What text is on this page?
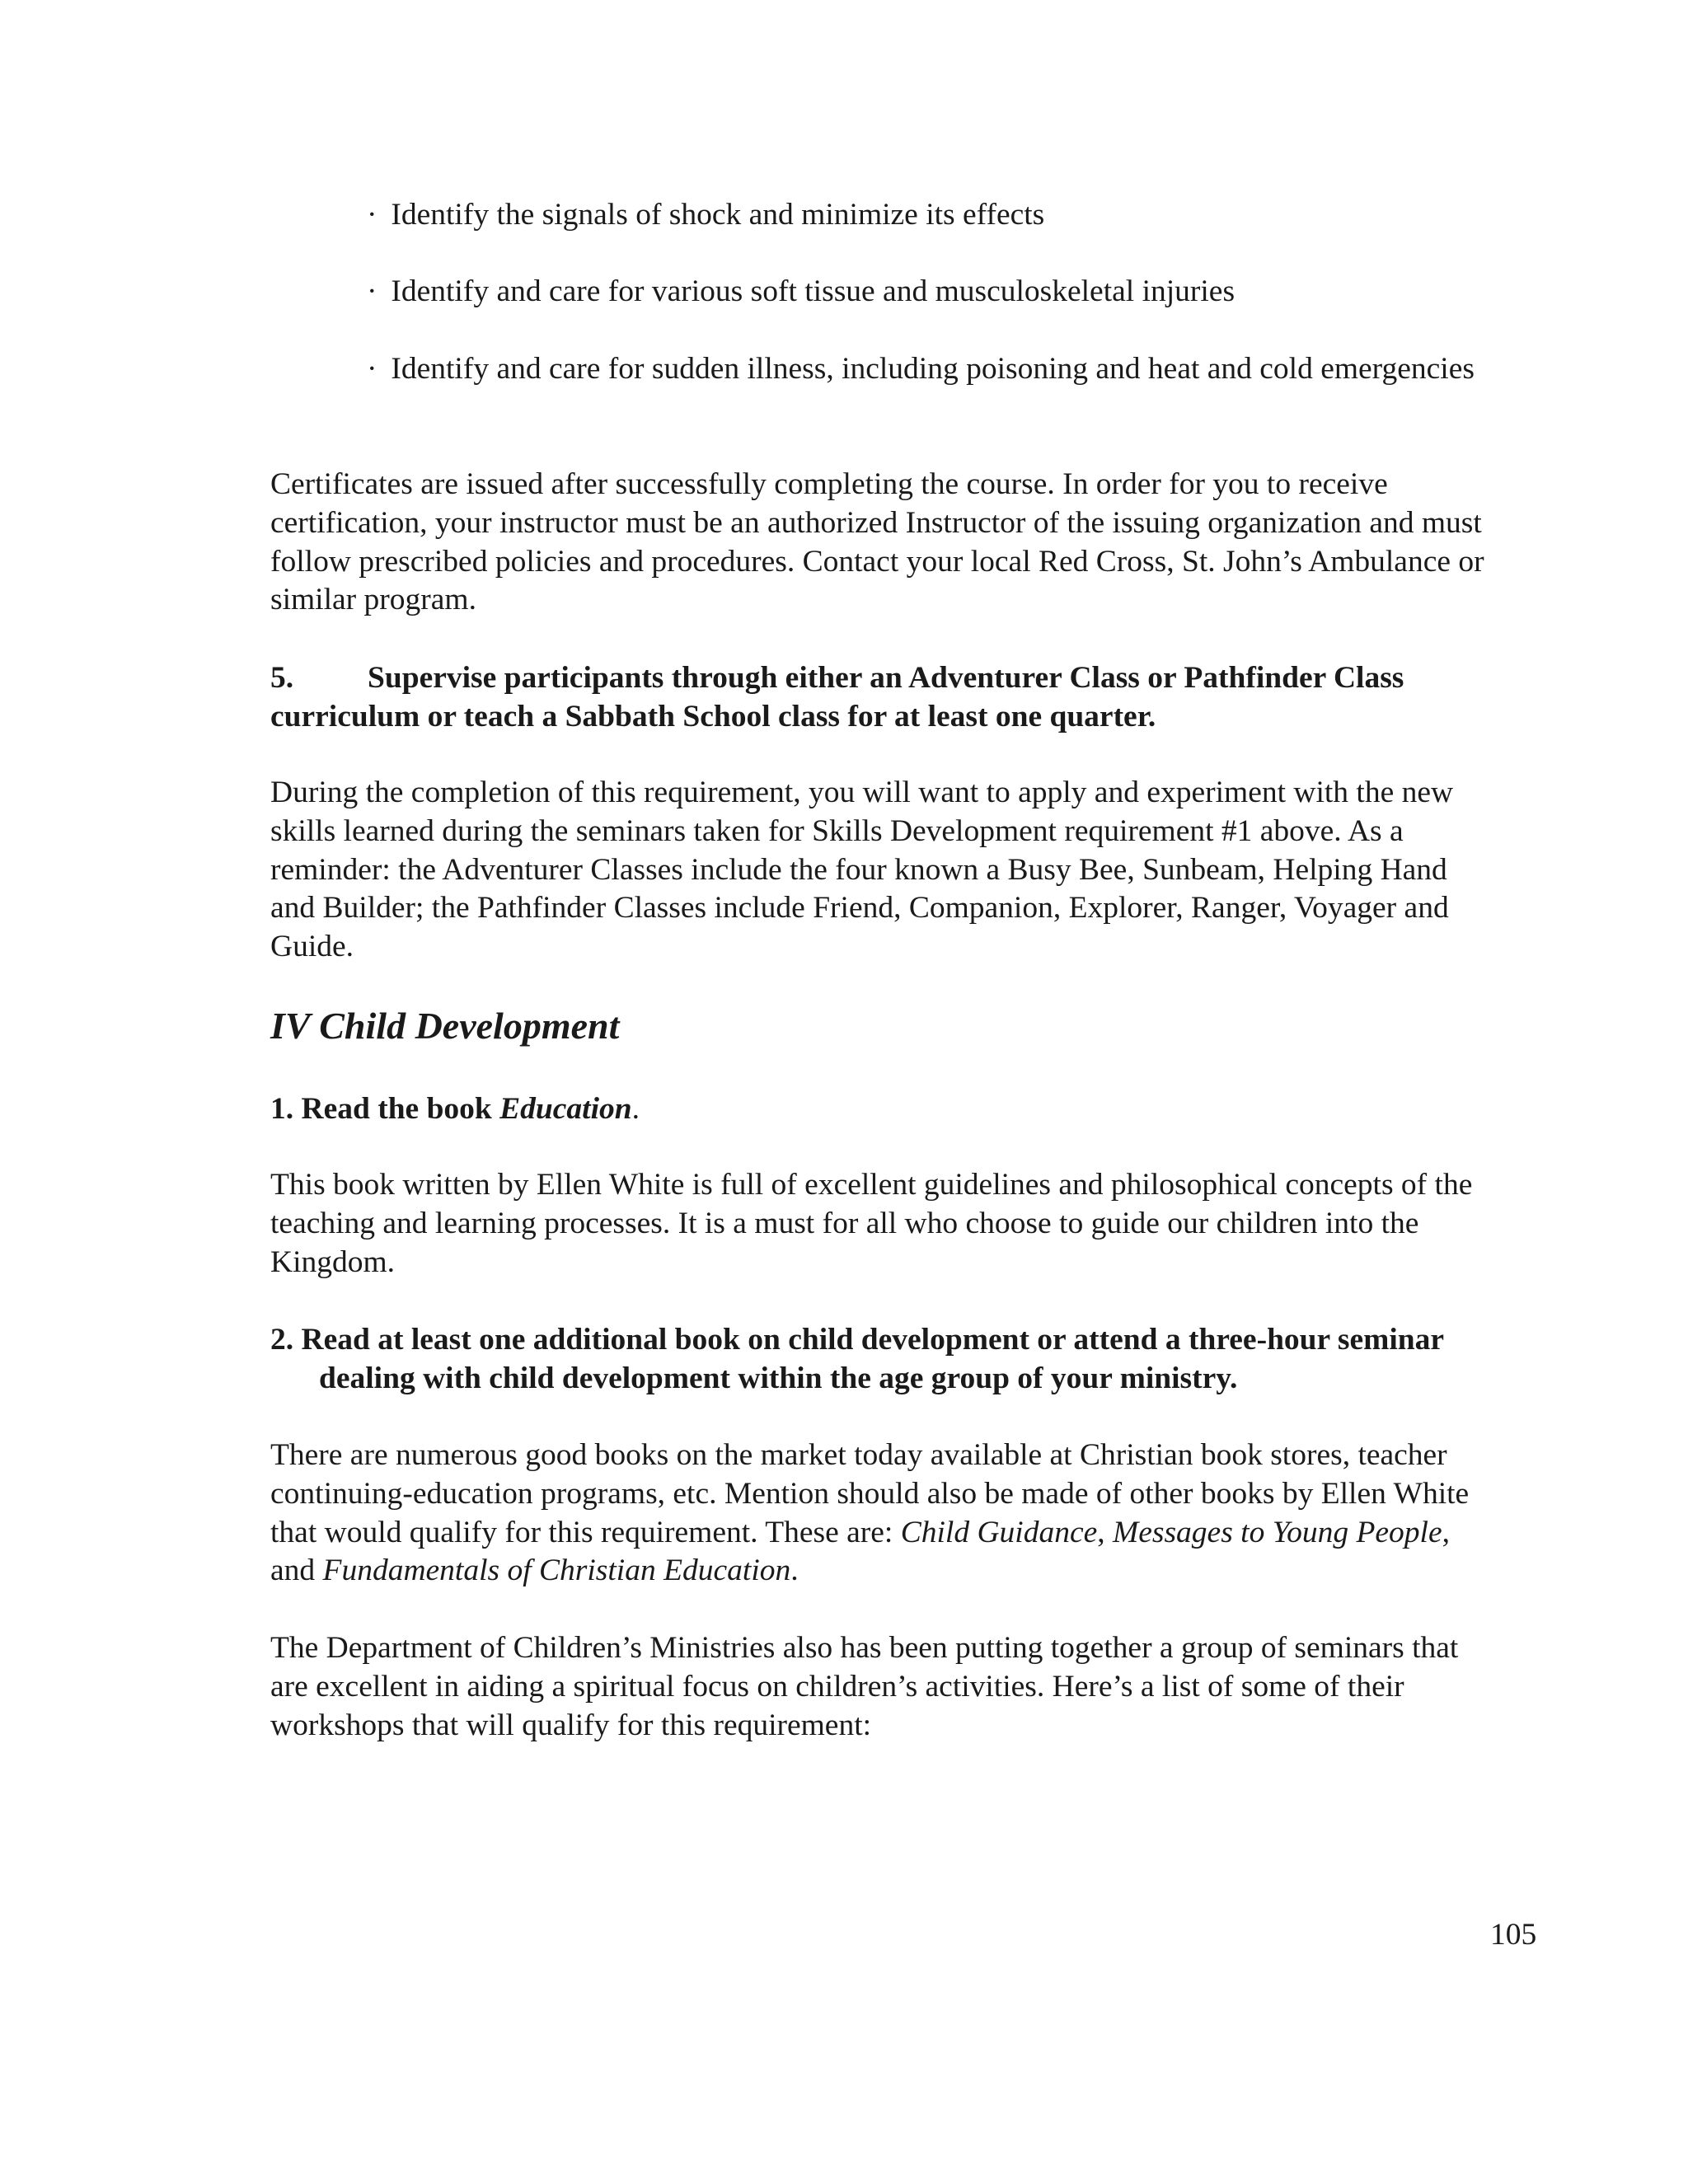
· Identify the signals of shock and minimize its effects

· Identify and care for various soft tissue and musculoskeletal injuries

· Identify and care for sudden illness, including poisoning and heat and cold emergencies

Certificates are issued after successfully completing the course. In order for you to receive certification, your instructor must be an authorized Instructor of the issuing organization and must follow prescribed policies and procedures. Contact your local Red Cross, St. John’s Ambulance or similar program.

5. Supervise participants through either an Adventurer Class or Pathfinder Class curriculum or teach a Sabbath School class for at least one quarter.

During the completion of this requirement, you will want to apply and experiment with the new skills learned during the seminars taken for Skills Development requirement #1 above. As a reminder: the Adventurer Classes include the four known a Busy Bee, Sunbeam, Helping Hand and Builder; the Pathfinder Classes include Friend, Companion, Explorer, Ranger, Voyager and Guide.

IV Child Development

1. Read the book Education.

This book written by Ellen White is full of excellent guidelines and philosophical concepts of the teaching and learning processes. It is a must for all who choose to guide our children into the Kingdom.

2. Read at least one additional book on child development or attend a three-hour seminar dealing with child development within the age group of your ministry.

There are numerous good books on the market today available at Christian book stores, teacher continuing-education programs, etc. Mention should also be made of other books by Ellen White that would qualify for this requirement. These are: Child Guidance, Messages to Young People, and Fundamentals of Christian Education.

The Department of Children’s Ministries also has been putting together a group of seminars that are excellent in aiding a spiritual focus on children’s activities. Here’s a list of some of their workshops that will qualify for this requirement:

105
